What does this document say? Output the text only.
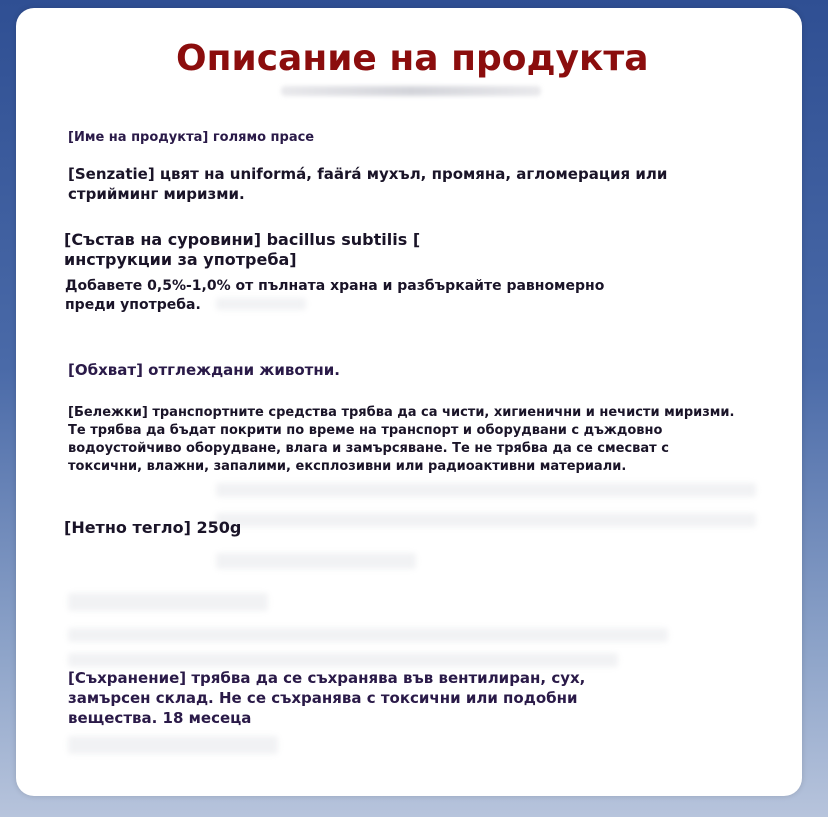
Описание на продукта

[Име на продукта] голямо прасе

[Senzatie] цвят на uniformá, faärá мухъл, промяна, агломерация или

стрийминг миризми.

[Състав на суровини] bacillus subtilis [

инструкции за употреба]

Добавете 0,5%-1,0% от пълната храна и разбъркайте равномерно

преди употреба.

[Обхват] отглеждани животни.

[Бележки] транспортните средства трябва да са чисти, хигиенични и нечисти миризми.

Те трябва да бъдат покрити по време на транспорт и оборудвани с дъждовно

водоустойчиво оборудване, влага и замърсяване. Те не трябва да се смесват с

токсични, влажни, запалими, експлозивни или радиоактивни материали.

[Нетно тегло] 250g

[Съхранение] трябва да се съхранява във вентилиран, сух,

замърсен склад. Не се съхранява с токсични или подобни

вещества. 18 месеца
